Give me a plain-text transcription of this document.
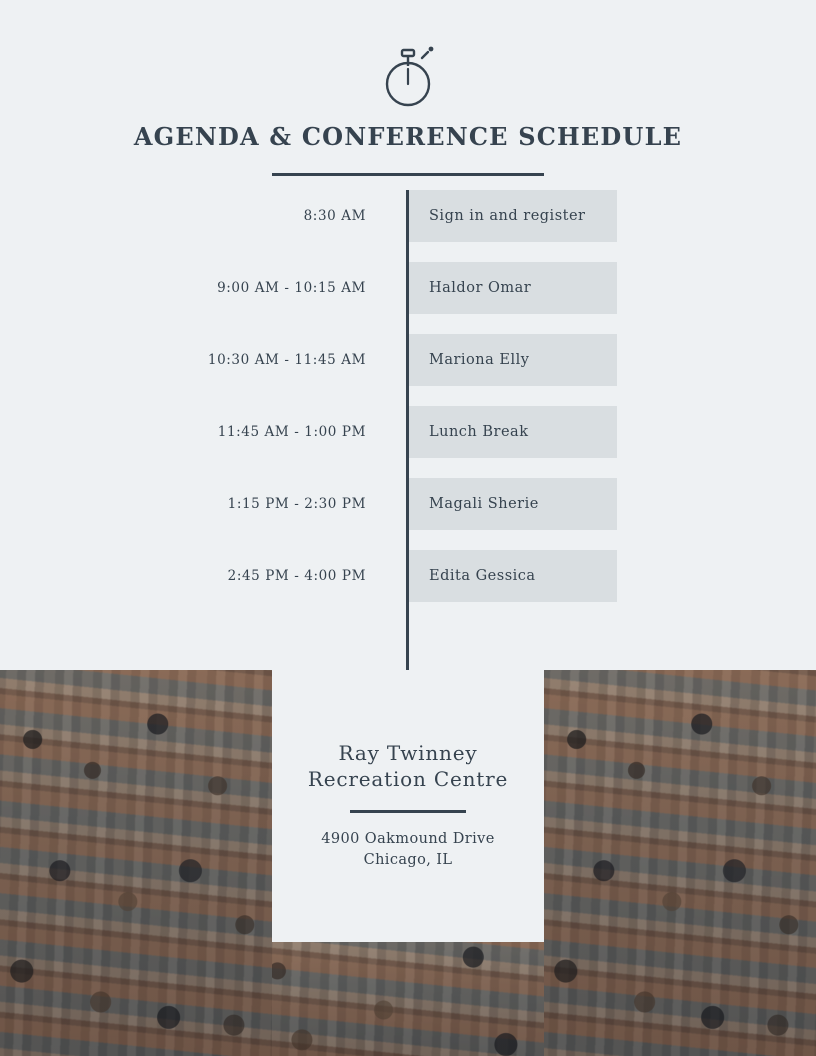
AGENDA & CONFERENCE SCHEDULE
8:30 AM	Sign in and register
9:00 AM - 10:15 AM	Haldor Omar
10:30 AM - 11:45 AM	Mariona Elly
11:45 AM - 1:00 PM	Lunch Break
1:15 PM - 2:30 PM	Magali Sherie
2:45 PM - 4:00 PM	Edita Gessica
Ray Twinney
Recreation Centre
4900 Oakmound Drive
Chicago, IL
